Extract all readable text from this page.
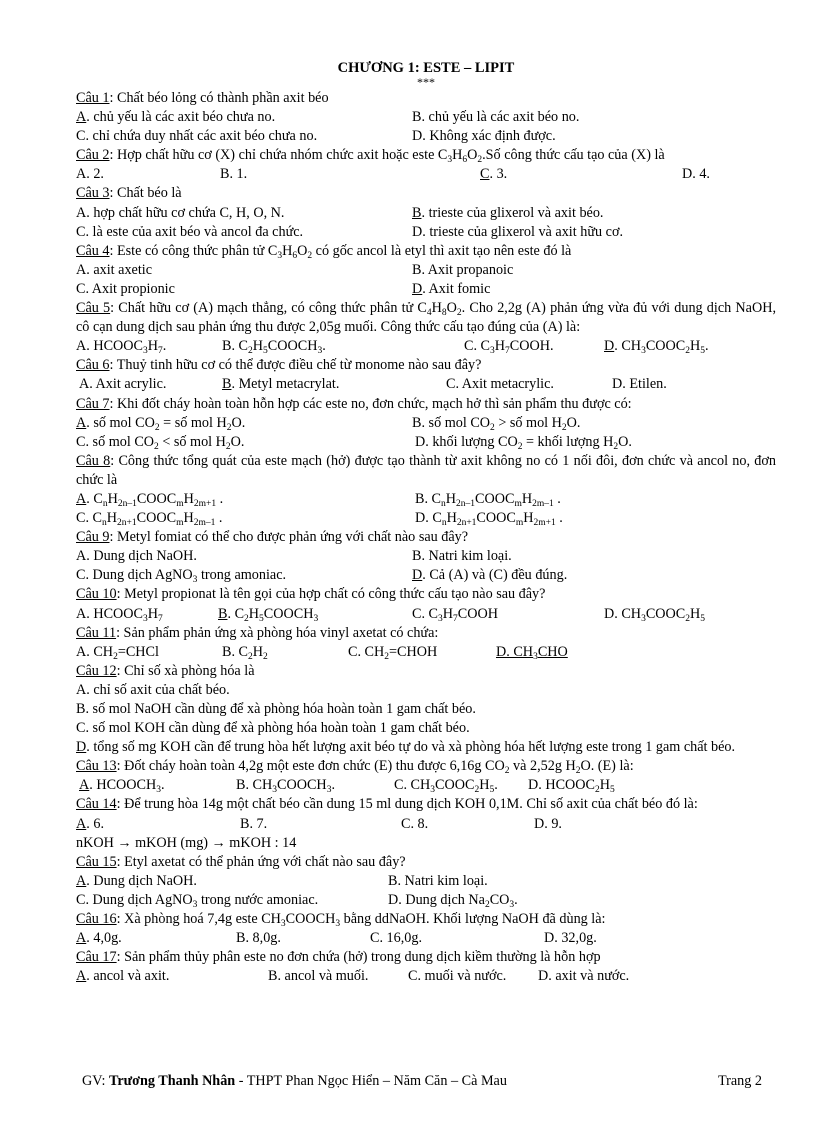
CHƯƠNG 1: ESTE – LIPIT
***
Câu 1: Chất béo lỏng có thành phần axit béo
A. chủ yếu là các axit béo chưa no.	B. chủ yếu là các axit béo no.
C. chỉ chứa duy nhất các axit béo chưa no.	D. Không xác định được.
Câu 2: Hợp chất hữu cơ (X) chỉ chứa nhóm chức axit hoặc este $C_3H_6O_2.Số$ công thức cấu tạo của (X) là
A. 2.	B. 1.	C. 3.	D. 4.
Câu 3: Chất béo là
A. hợp chất hữu cơ chứa C, H, O, N.	B. trieste của glixerol và axit béo.
C. là este của axit béo và ancol đa chức.	D. trieste của glixerol và axit hữu cơ.
Câu 4: Este có công thức phân tử $C_3H_6O_2$ có gốc ancol là etyl thì axit tạo nên este đó là
A. axit axetic	B. Axit propanoic
C. Axit propionic	D. Axit fomic
Câu 5: Chất hữu cơ (A) mạch thẳng, có công thức phân tử $C_4H_8O_2$. Cho 2,2g (A) phản ứng vừa đủ với dung dịch NaOH, cô cạn dung dịch sau phản ứng thu được 2,05g muối. Công thức cấu tạo đúng của (A) là:
A. $HCOOC_3H_7$.	B. $C_2H_5COOCH_3$.	C. $C_3H_7COOH$.	D. $CH_3COOC_2H_5$.
Câu 6: Thuỷ tinh hữu cơ có thể được điều chế từ monome nào sau đây?
A. Axit acrylic.	B. Metyl metacrylat.	C. Axit metacrylic.	D. Etilen.
Câu 7: Khi đốt cháy hoàn toàn hỗn hợp các este no, đơn chức, mạch hở thì sản phẩm thu được có:
A. số mol $CO_2$ = số mol $H_2O$.	B. số mol $CO_2$ > số mol $H_2O$.
C. số mol $CO_2$ < số mol $H_2O$.	D. khối lượng $CO_2$ = khối lượng $H_2O$.
Câu 8: Công thức tổng quát của este mạch (hở) được tạo thành từ axit không no có 1 nối đôi, đơn chức và ancol no, đơn chức là
A. $C_nH_{2n-1}COOC_mH_{2m+1}$ .	B. $C_nH_{2n-1}COOC_mH_{2m-1}$ .
C. $C_nH_{2n+1}COOC_mH_{2m-1}$ .	D. $C_nH_{2n+1}COOC_mH_{2m+1}$ .
Câu 9: Metyl fomiat có thể cho được phản ứng với chất nào sau đây?
A. Dung dịch NaOH.	B. Natri kim loại.
C. Dung dịch AgNO$_3$ trong amoniac.	D. Cả (A) và (C) đều đúng.
Câu 10: Metyl propionat là tên gọi của hợp chất có công thức cấu tạo nào sau đây?
A. $HCOOC_3H_7$	B. $C_2H_5COOCH_3$	C. $C_3H_7COOH$	D. $CH_3COOC_2H_5$
Câu 11: Sản phẩm phản ứng xà phòng hóa vinyl axetat có chứa:
A. $CH_2=CHCl$	B. $C_2H_2$	C. $CH_2=CHOH$	D. $CH_3CHO$
Câu 12: Chỉ số xà phòng hóa là
A. chỉ số axit của chất béo.
B. số mol NaOH cần dùng để xà phòng hóa hoàn toàn 1 gam chất béo.
C. số mol KOH cần dùng để xà phòng hóa hoàn toàn 1 gam chất béo.
D. tổng số mg KOH cần để trung hòa hết lượng axit béo tự do và xà phòng hóa hết lượng este trong 1 gam chất béo.
Câu 13: Đốt cháy hoàn toàn 4,2g một este đơn chức (E) thu được 6,16g $CO_2$ và 2,52g $H_2O$. (E) là:
A. $HCOOCH_3$.	B. $CH_3COOCH_3$.	C. $CH_3COOC_2H_5$. D. $HCOOC_2H_5$
Câu 14: Để trung hòa 14g một chất béo cần dung 15 ml dung dịch KOH 0,1M. Chỉ số axit của chất béo đó là:
A. 6.	B. 7.	C. 8.	D. 9.
nKOH → mKOH (mg) → mKOH : 14
Câu 15: Etyl axetat có thể phản ứng với chất nào sau đây?
A. Dung dịch NaOH.	B. Natri kim loại.
C. Dung dịch AgNO$_3$ trong nước amoniac.	D. Dung dịch $Na_2CO_3$.
Câu 16: Xà phòng hoá 7,4g este $CH_3COOCH_3$ bằng ddNaOH. Khối lượng NaOH đã dùng là:
A. 4,0g.	B. 8,0g.	C. 16,0g.	D. 32,0g.
Câu 17: Sản phẩm thủy phân este no đơn chứa (hở) trong dung dịch kiềm thường là hỗn hợp
A. ancol và axit.	B. ancol và muối.	C. muối và nước. D. axit và nước.
GV: Trương Thanh Nhân - THPT Phan Ngọc Hiển – Năm Căn – Cà Mau	Trang 2
